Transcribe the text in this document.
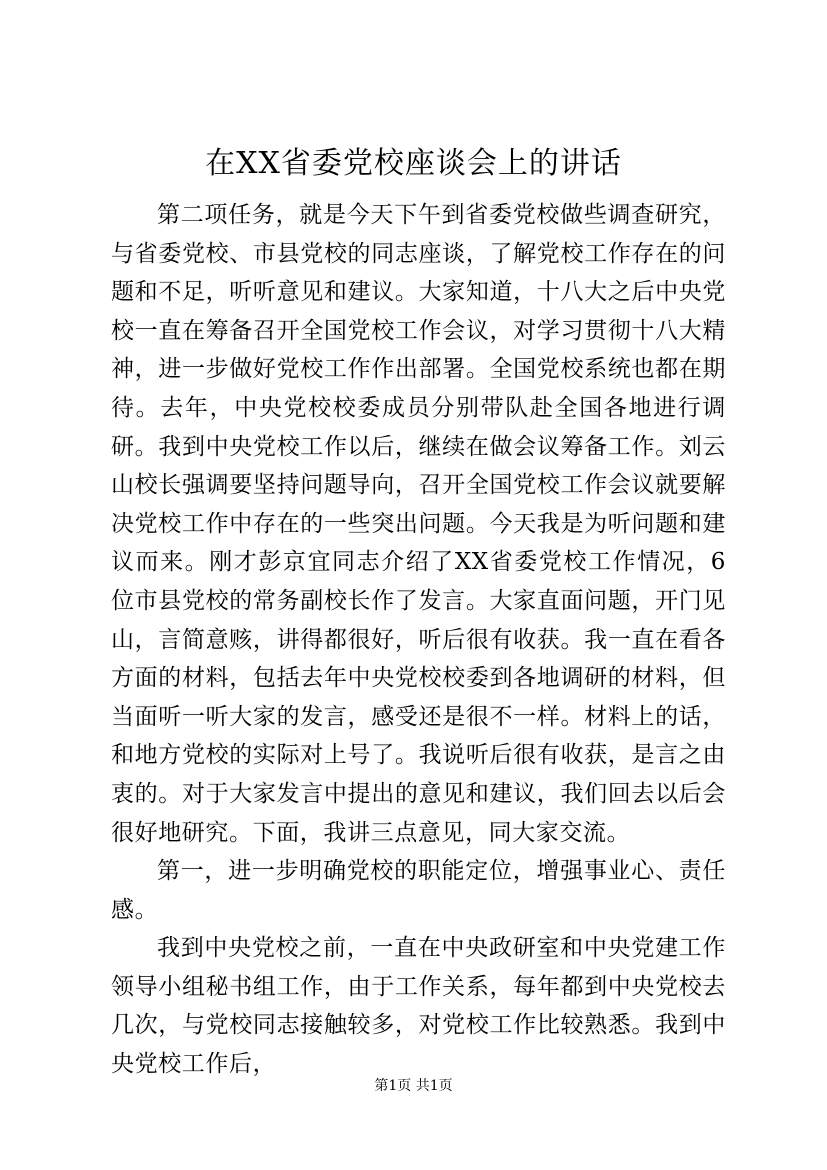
在XX省委党校座谈会上的讲话

第二项任务，就是今天下午到省委党校做些调查研究，与省委党校、市县党校的同志座谈，了解党校工作存在的问题和不足，听听意见和建议。大家知道，十八大之后中央党校一直在筹备召开全国党校工作会议，对学习贯彻十八大精神，进一步做好党校工作作出部署。全国党校系统也都在期待。去年，中央党校校委成员分别带队赴全国各地进行调研。我到中央党校工作以后，继续在做会议筹备工作。刘云山校长强调要坚持问题导向，召开全国党校工作会议就要解决党校工作中存在的一些突出问题。今天我是为听问题和建议而来。刚才彭京宜同志介绍了XX省委党校工作情况，6位市县党校的常务副校长作了发言。大家直面问题，开门见山，言简意赅，讲得都很好，听后很有收获。我一直在看各方面的材料，包括去年中央党校校委到各地调研的材料，但当面听一听大家的发言，感受还是很不一样。材料上的话，和地方党校的实际对上号了。我说听后很有收获，是言之由衷的。对于大家发言中提出的意见和建议，我们回去以后会很好地研究。下面，我讲三点意见，同大家交流。

第一，进一步明确党校的职能定位，增强事业心、责任感。

我到中央党校之前，一直在中央政研室和中央党建工作领导小组秘书组工作，由于工作关系，每年都到中央党校去几次，与党校同志接触较多，对党校工作比较熟悉。我到中央党校工作后，

第1页 共1页
